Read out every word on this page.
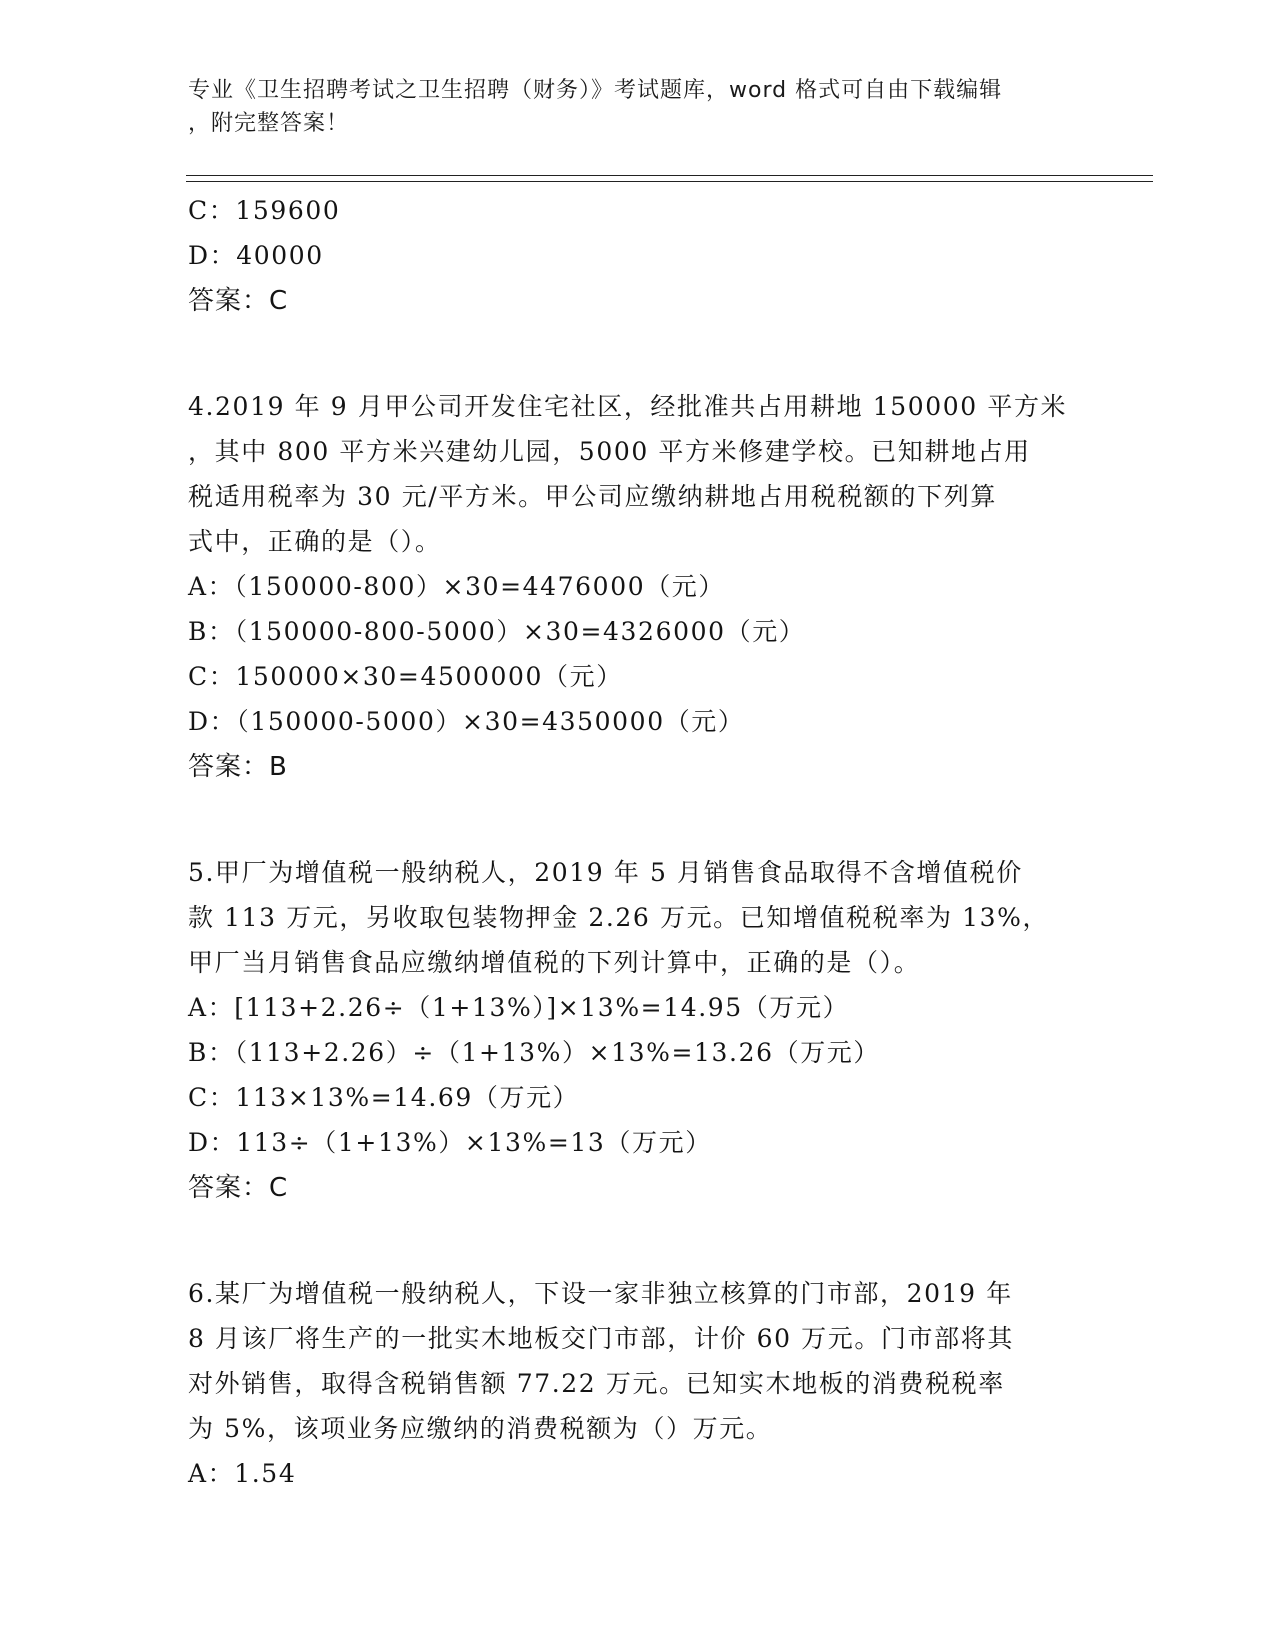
专业《卫生招聘考试之卫生招聘（财务）》考试题库，word 格式可自由下载编辑
，附完整答案！
C：159600
D：40000
答案：C
4.2019 年 9 月甲公司开发住宅社区，经批准共占用耕地 150000 平方米
，其中 800 平方米兴建幼儿园，5000 平方米修建学校。已知耕地占用
税适用税率为 30 元/平方米。甲公司应缴纳耕地占用税税额的下列算
式中，正确的是（）。
A：（150000-800）×30=4476000（元）
B：（150000-800-5000）×30=4326000（元）
C：150000×30=4500000（元）
D：（150000-5000）×30=4350000（元）
答案：B
5.甲厂为增值税一般纳税人，2019 年 5 月销售食品取得不含增值税价
款 113 万元，另收取包装物押金 2.26 万元。已知增值税税率为 13%，
甲厂当月销售食品应缴纳增值税的下列计算中，正确的是（）。
A：[113+2.26÷（1+13%）]×13%=14.95（万元）
B：（113+2.26）÷（1+13%）×13%=13.26（万元）
C：113×13%=14.69（万元）
D：113÷（1+13%）×13%=13（万元）
答案：C
6.某厂为增值税一般纳税人，下设一家非独立核算的门市部，2019 年
8 月该厂将生产的一批实木地板交门市部，计价 60 万元。门市部将其
对外销售，取得含税销售额 77.22 万元。已知实木地板的消费税税率
为 5%，该项业务应缴纳的消费税额为（）万元。
A：1.54
